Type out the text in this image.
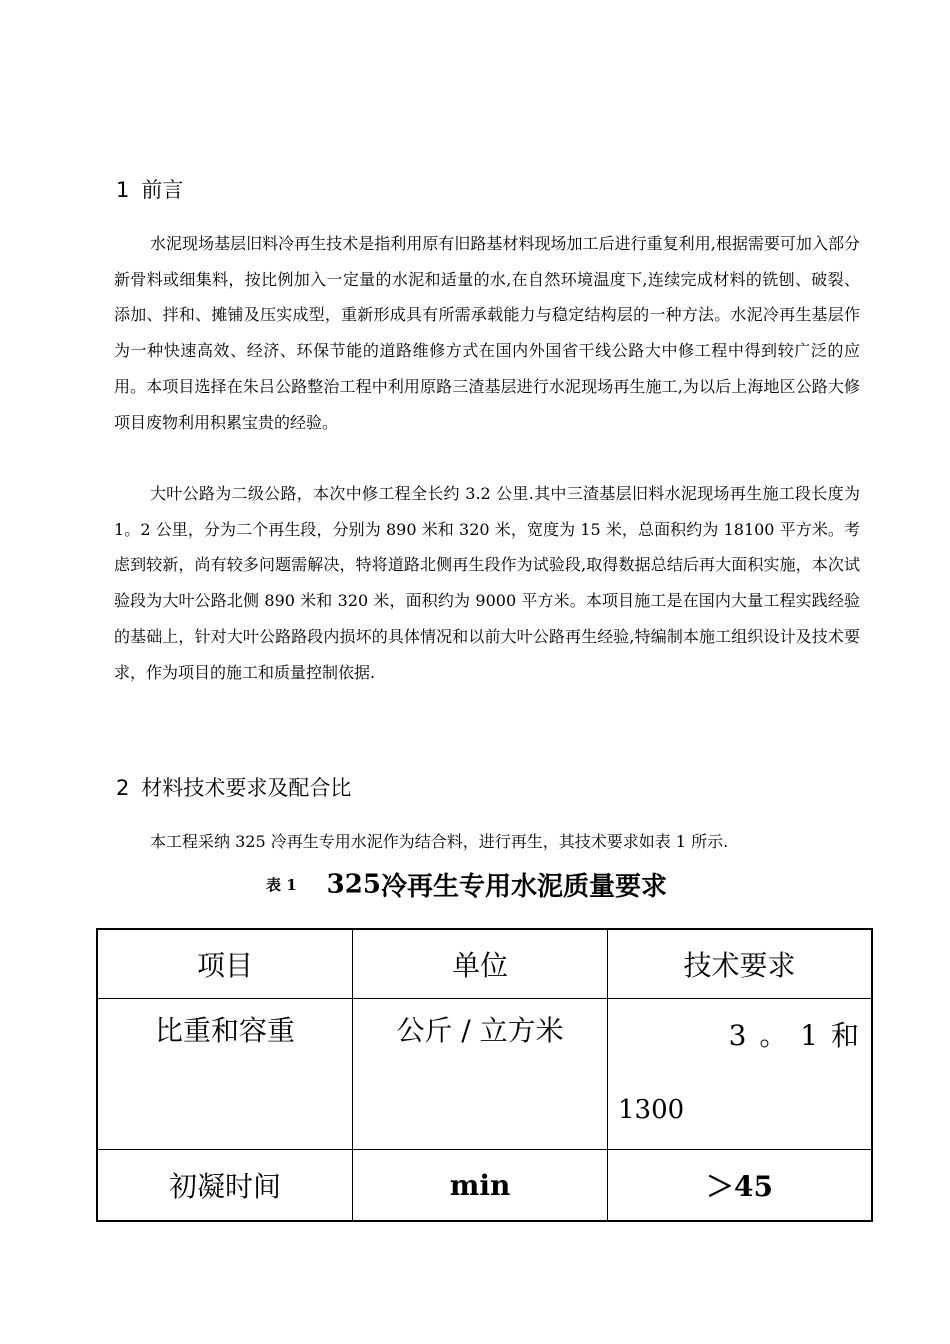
1 前言

水泥现场基层旧料冷再生技术是指利用原有旧路基材料现场加工后进行重复利用,根据需要可加入部分新骨料或细集料，按比例加入一定量的水泥和适量的水,在自然环境温度下,连续完成材料的铣刨、破裂、添加、拌和、摊铺及压实成型，重新形成具有所需承载能力与稳定结构层的一种方法。水泥冷再生基层作为一种快速高效、经济、环保节能的道路维修方式在国内外国省干线公路大中修工程中得到较广泛的应用。本项目选择在朱吕公路整治工程中利用原路三渣基层进行水泥现场再生施工,为以后上海地区公路大修项目废物利用积累宝贵的经验。

大叶公路为二级公路，本次中修工程全长约 3.2 公里.其中三渣基层旧料水泥现场再生施工段长度为 1。2 公里，分为二个再生段，分别为 890 米和 320 米，宽度为 15 米，总面积约为 18100 平方米。考虑到较新，尚有较多问题需解决，特将道路北侧再生段作为试验段,取得数据总结后再大面积实施，本次试验段为大叶公路北侧 890 米和 320 米，面积约为 9000 平方米。本项目施工是在国内大量工程实践经验的基础上，针对大叶公路路段内损坏的具体情况和以前大叶公路再生经验,特编制本施工组织设计及技术要求，作为项目的施工和质量控制依据.

2 材料技术要求及配合比
本工程采纳 325 冷再生专用水泥作为结合料，进行再生，其技术要求如表 1 所示.
表 1 325冷再生专用水泥质量要求
项目	单位	技术要求
比重和容重	公斤 / 立方米	3 。 1 和
1300

初凝时间	min	＞45
